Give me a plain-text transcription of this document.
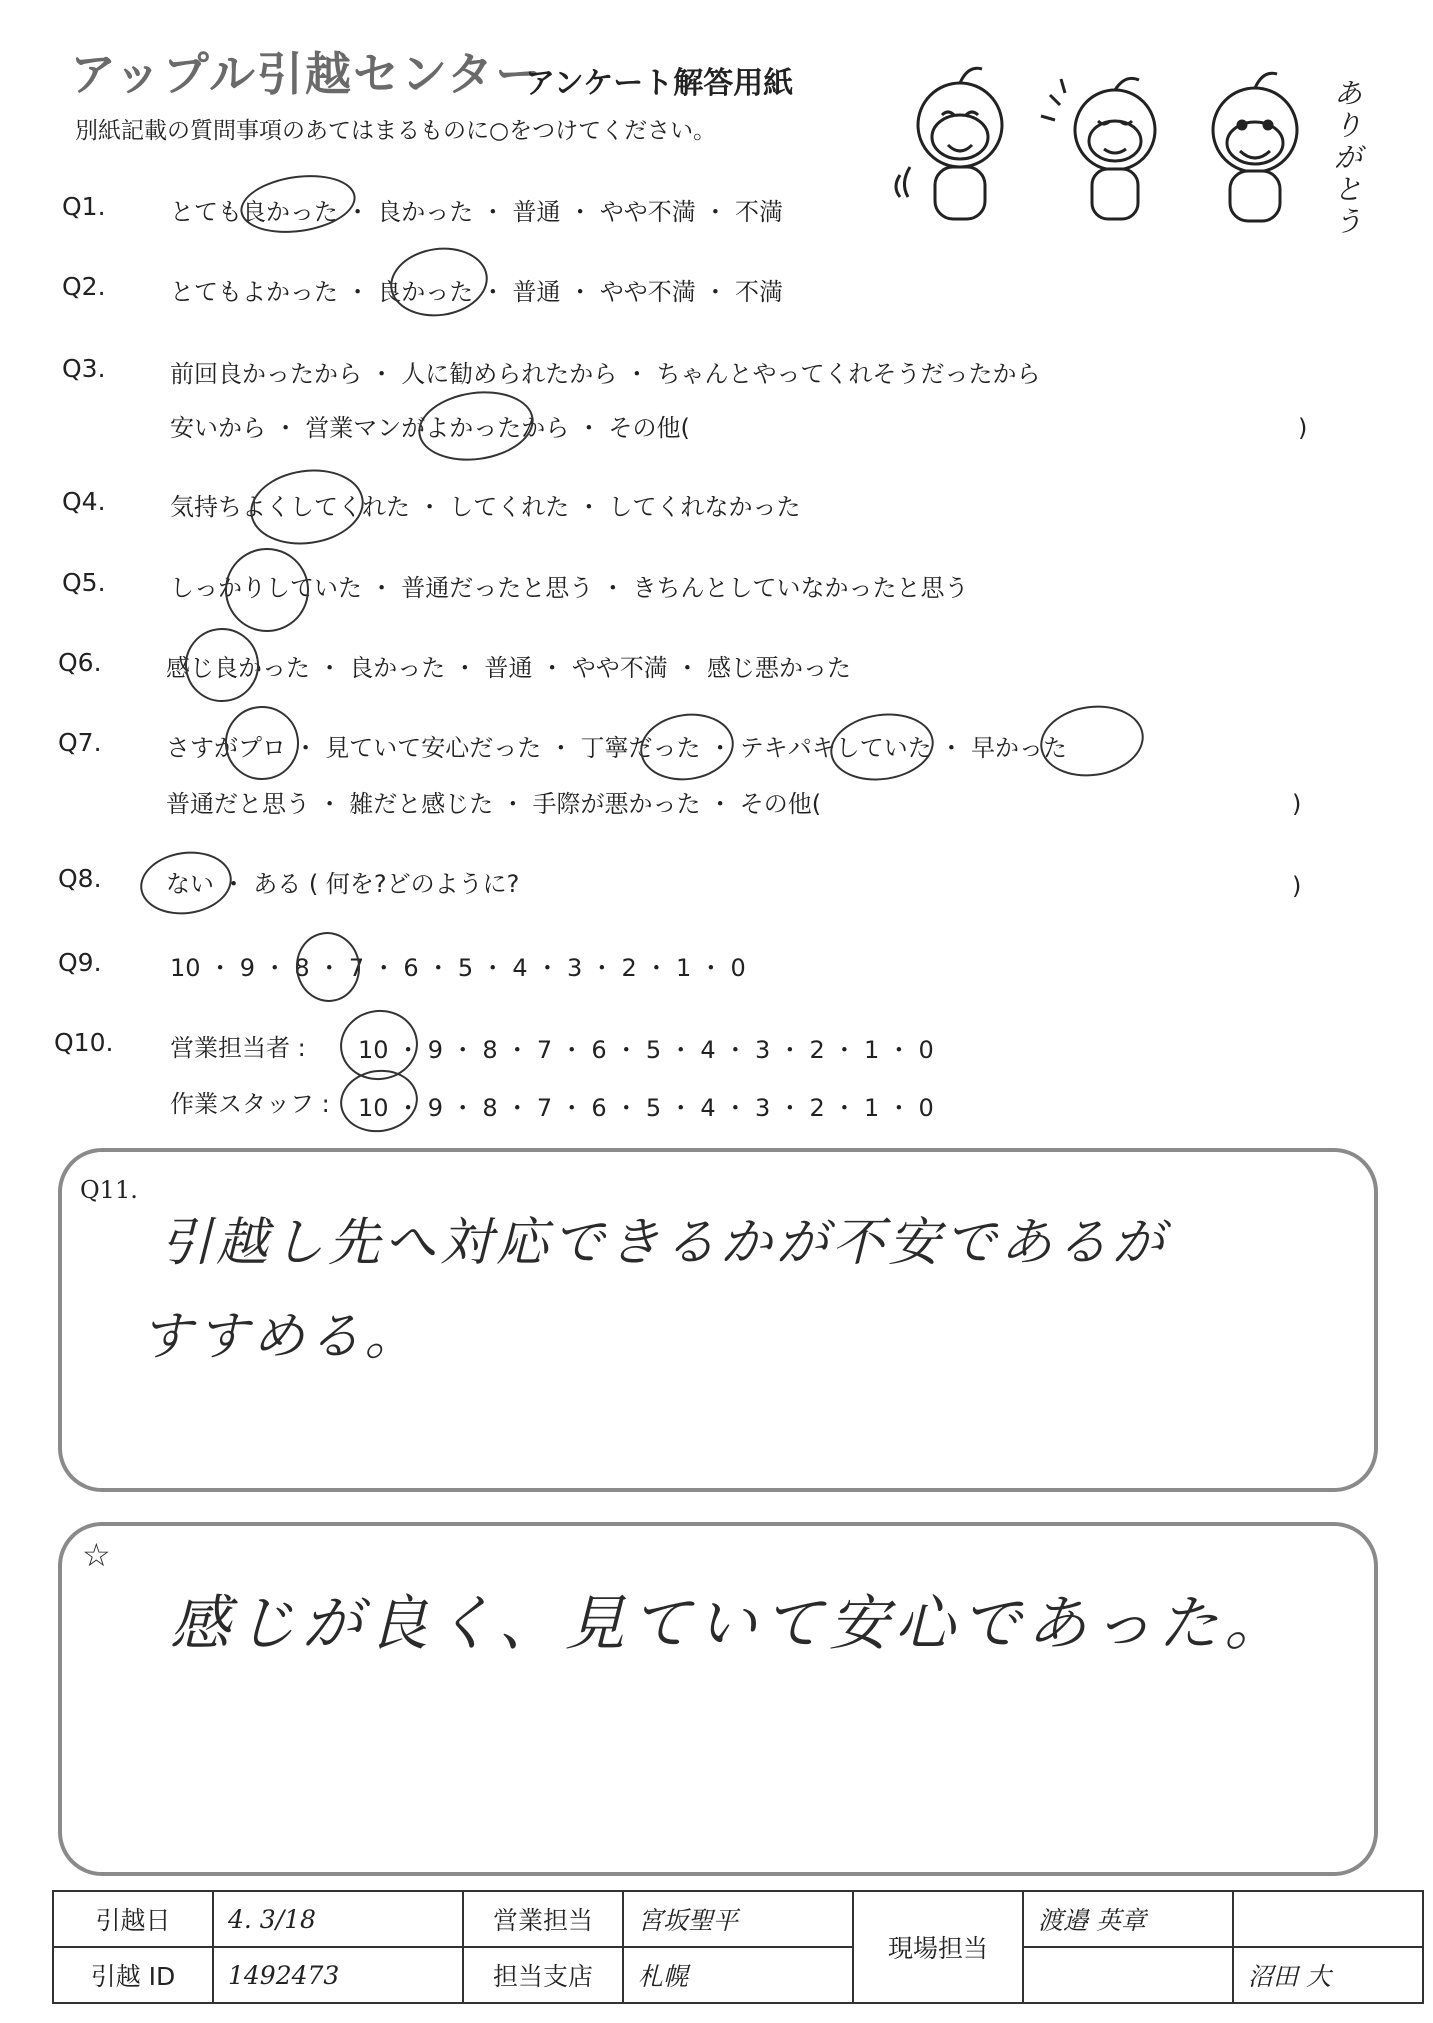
アップル引越センター
アンケート解答用紙
別紙記載の質問事項のあてはまるものに○をつけてください。
ありがとう
Q1.	とても良かった ・ 良かった ・ 普通 ・ やや不満 ・ 不満
Q2.	とてもよかった ・ 良かった ・ 普通 ・ やや不満 ・ 不満
Q3.	前回良かったから ・ 人に勧められたから ・ ちゃんとやってくれそうだったから
安いから ・ 営業マンがよかったから ・ その他(	)
Q4.	気持ちよくしてくれた ・ してくれた ・ してくれなかった
Q5.	しっかりしていた ・ 普通だったと思う ・ きちんとしていなかったと思う
Q6.	感じ良かった ・ 良かった ・ 普通 ・ やや不満 ・ 感じ悪かった
Q7.	さすがプロ ・ 見ていて安心だった ・ 丁寧だった ・ テキパキしていた ・ 早かった
普通だと思う ・ 雑だと感じた ・ 手際が悪かった ・ その他(	)
Q8.	ない ・ ある ( 何を?どのように?	)
Q9.	10 ・ 9 ・ 8 ・ 7 ・ 6 ・ 5 ・ 4 ・ 3 ・ 2 ・ 1 ・ 0
Q10. 営業担当者 : 10 ・ 9 ・ 8 ・ 7 ・ 6 ・ 5 ・ 4 ・ 3 ・ 2 ・ 1 ・ 0
作業スタッフ : 10 ・ 9 ・ 8 ・ 7 ・ 6 ・ 5 ・ 4 ・ 3 ・ 2 ・ 1 ・ 0
Q11.
引越し先へ対応できるかが不安であるが
すすめる。
☆
感じが良く、見ていて安心であった。
引越日	4. 3/18	営業担当	宮坂聖平	現場担当	渡邉 英章	
引越 ID	1492473	担当支店	札幌			沼田 大
